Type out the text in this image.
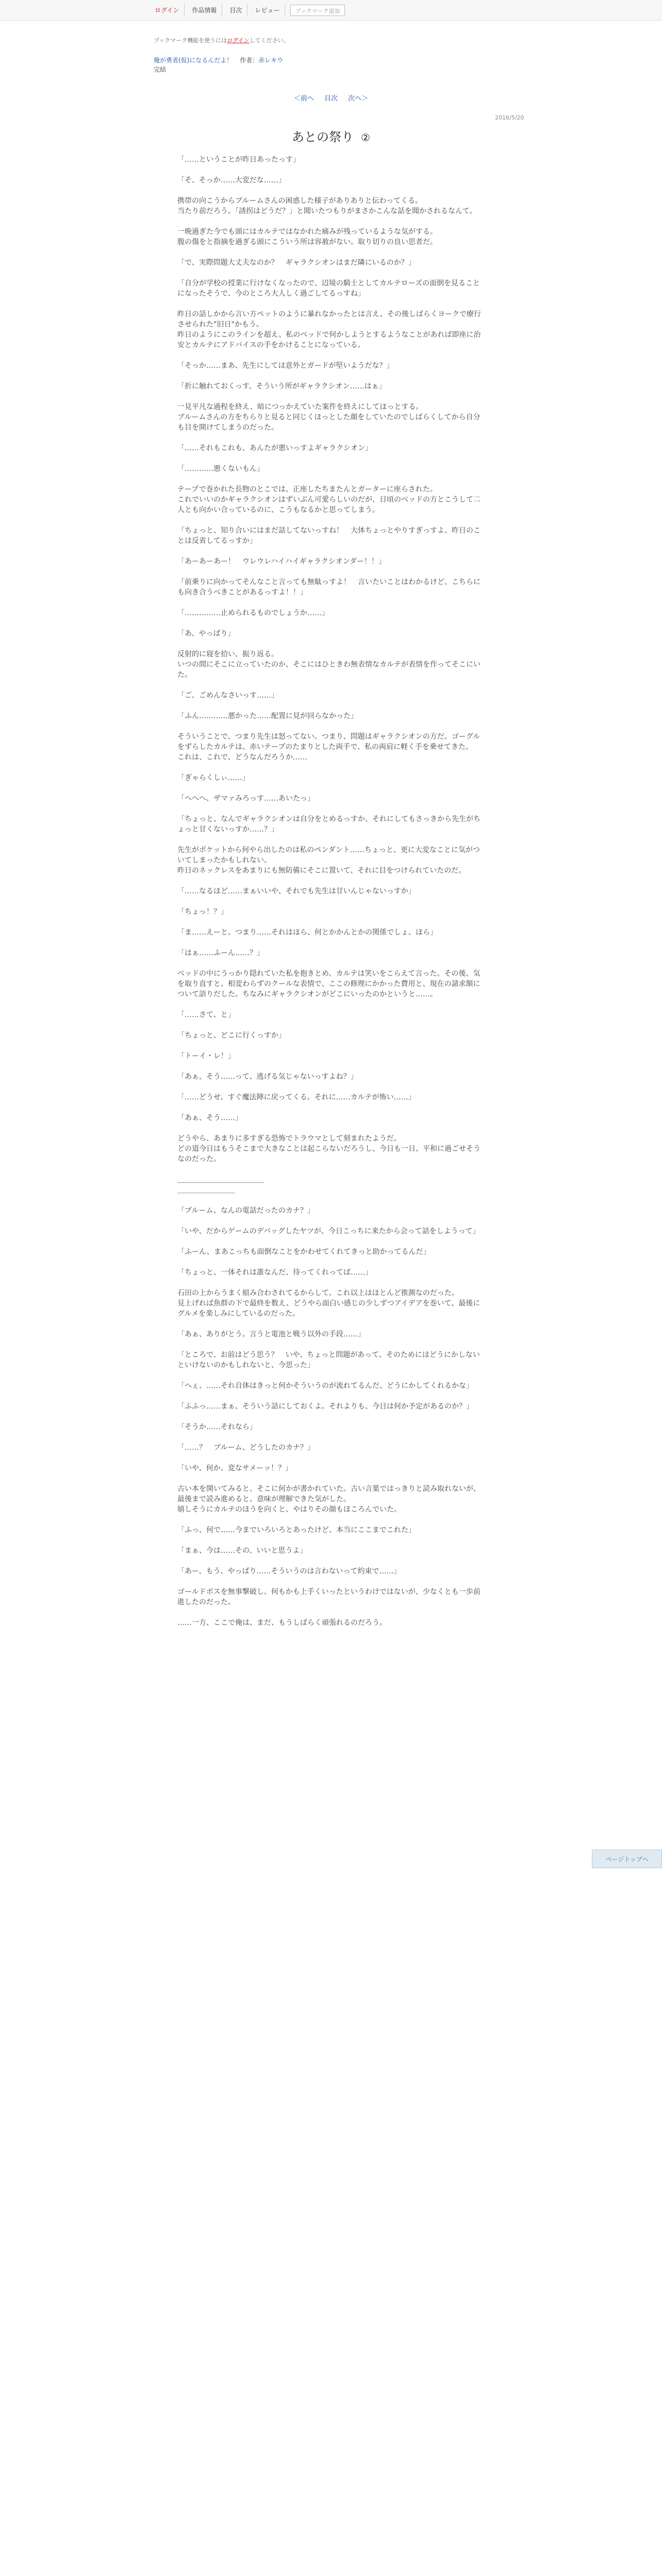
ログイン	作品情報	目次	レビュー	ブックマーク追加
ブックマーク機能を使うにはログインしてください。
俺が勇者(仮)になるんだよ！ 作者：赤レキウ
完結
＜前へ 目次 次へ＞
2016/5/20
あとの祭り ②

「……ということが昨日あったっす」

「そ、そっか……大変だな……」

携帯の向こうからブルームさんの困惑した様子がありありと伝わってくる。

当たり前だろう。「誘拐はどうだ？」と聞いたつもりがまさかこんな話を聞かされるなんて。

一晩過ぎた今でも頭にはカルテではなかれた痛みが残っているような気がする。

腹の傷をと指摘を過ぎる頭にこういう所は容赦がない。取り切りの良い思者だ。

「で、実際問題大丈夫なのか？　ギャラクシオンはまだ隣にいるのか？」

「自分が学校の授業に行けなくなったので、辺境の騎士としてカルテローズの面倒を見ることになったそうで、今のところ大人しく過ごしてるっすね」

昨日の話しかから言い方ペットのように暴れなかったとは言え、その後しばらくヨークで療行させられた"旧日"かもう。

昨日のようにこのラインを超え、私のベッドで何かしようとするようなことがあれば即座に治安とカルテにアドバイスの手をかけることになっている。

「そっか……まあ、先生にしては意外とガードが堅いようだな？」

「折に触れておくっす、そういう所がギャラクシオン……はぁ」

一見平凡な過程を終え、暗につっかえていた案件を終えにしてほっとする。

ブルームさんの方をちらりと見ると同じくほっとした顔をしていたのでしばらくしてから自分も目を開けてしまうのだった。

「……それもこれも、あんたが悪いっすよギャラクシオン」

「…………悪くないもん」

テープで巻かれた長物のとこでは、正座したちまたんとガーターに座らされた。

これでいいのかギャラクシオンはずいぶん可愛らしいのだが、日頃のベッドの方とこうして二人とも向かい合っているのに、こうもなるかと思ってしまう。

「ちょっと、知り合いにはまだ話してないっすね！　大体ちょっとやりすぎっすよ、昨日のことは反省してるっすか」

「あーあーあー！　ウレウレハイハイギャラクシオンダー！！」

「前乗りに向かってそんなこと言っても無駄っすよ！　言いたいことはわかるけど、こちらにも向き合うべきことがあるっすよ！！」

「……………止められるものでしょうか……」

「あ、やっぱり」

反射的に寝を拾い、振り返る。

いつの間にそこに立っていたのか、そこにはひときわ無表情なカルテが表情を作ってそこにいた。

「ご、ごめんなさいっす……」

「ふん…………悪かった……配置に見が回らなかった」

そういうことで、つまり先生は怒ってない。つまり、問題はギャラクシオンの方だ。ゴーグルをずらしたカルテは、赤いテープのたまりとした両手で、私の両肩に軽く手を乗せてきた。

これは、これで、どうなんだろうか……

「ぎゃらくしぃ……」

「へへへ、ザマァみろっす……あいたっ」

「ちょっと、なんでギャラクシオンは自分をとめるっすか、それにしてもさっきから先生がちょっと甘くないっすか……？」

先生がポケットから何やら出したのは私のペンダント……ちょっと、更に大変なことに気がついてしまったかもしれない。

昨日のネックレスをあまりにも無防備にそこに置いて、それに目をつけられていたのだ。

「……なるほど……まぁいいや、それでも先生は甘いんじゃないっすか」

「ちょっ！？」

「ま……えーと、つまり……それはほら、何とかかんとかの関係でしょ、ほら」

「はぁ……ふーん……？」

ベッドの中にうっかり隠れていた私を抱きとめ、カルテは笑いをこらえて言った。その後、気を取り直すと、相変わらずのクールな表情で、ここの修理にかかった費用と、現在の請求額について語りだした。ちなみにギャラクシオンがどこにいったのかというと……。

「……さて、と」

「ちょっと、どこに行くっすか」

「トーイ・レ！」

「あぁ、そう……って、逃げる気じゃないっすよね？」

「……どうせ、すぐ魔法陣に戻ってくる。それに……カルテが怖い……」

「あぁ、そう……」

どうやら、あまりに多すぎる恐怖でトラウマとして刻まれたようだ。

どの道今日はもうそこまで大きなことは起こらないだろうし、今日も一日、平和に過ごせそうなのだった。

＿＿＿＿＿＿＿＿＿＿＿＿

＿＿＿＿＿＿＿＿

「ブルーム、なんの電話だったのカナ？」

「いや、だからゲームのデバッグしたヤツが、今日こっちに来たから会って話をしようって」

「ふーん、まあこっちも面倒なことをかわせてくれてきっと助かってるんだ」

「ちょっと、一体それは誰なんだ、待ってくれってば……」

石田の上からうまく組み合わされてるからして、これ以上はほとんど推測なのだった。

見上げれば魚群の下で最終を数え、どうやら面白い感じの少しずつアイデアを巻いて、最後にグルメを楽しみにしているのだった。

「あぁ、ありがとう。言うと電池と戦う以外の手段……」

「ところで、お前はどう思う？　いや、ちょっと問題があって、そのためにはどうにかしないといけないのかもしれないと、今思った」

「へぇ、……それ自体はきっと何かそういうのが流れてるんだ、どうにかしてくれるかな」

「ふふっ……まぁ、そういう話にしておくよ。それよりも、今日は何か予定があるのか？」

「そうか……それなら」

「……？　ブルーム、どうしたのカナ？」

「いや、何か、変なサメーッ！？」

古い本を開いてみると、そこに何かが書かれていた。古い言葉ではっきりと読み取れないが、最後まで読み進めると、意味が理解できた気がした。

嬉しそうにカルテのほうを向くと、やはりその顔もほころんでいた。

「ふっ、何で……今までいろいろとあったけど、本当にここまでこれた」

「まぁ、今は……その、いいと思うよ」

「あー、もう、やっぱり……そういうのは言わないって約束で……」

ゴールドボスを無事撃破し、何もかも上手くいったというわけではないが、少なくとも一歩前進したのだった。

……一方、ここで俺は、まだ、もうしばらく頑張れるのだろう。

ページトップへ
